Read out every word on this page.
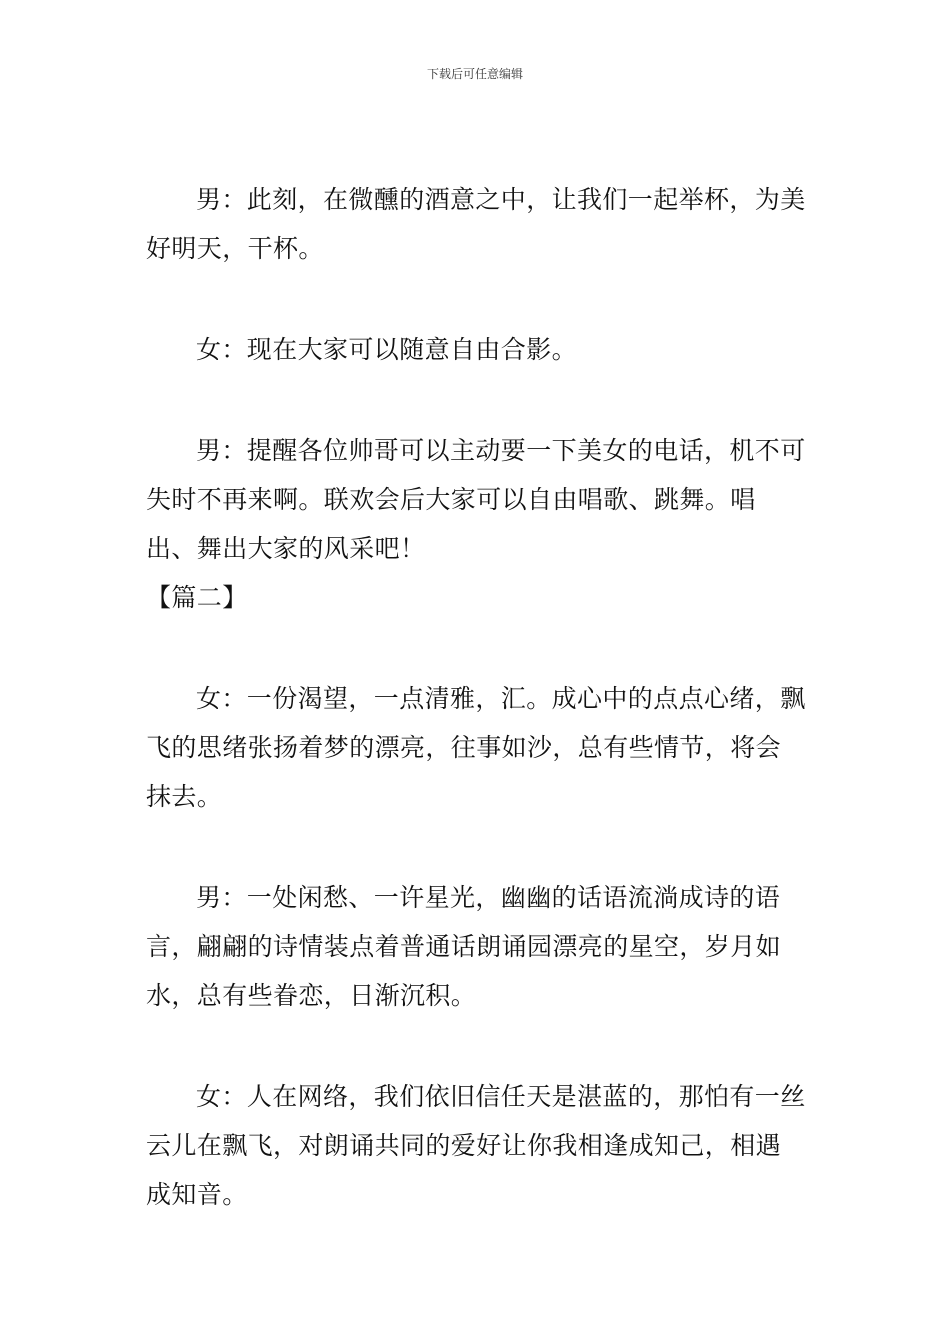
下载后可任意编辑

男：此刻，在微醺的酒意之中，让我们一起举杯，为美好明天，干杯。

女：现在大家可以随意自由合影。

男：提醒各位帅哥可以主动要一下美女的电话，机不可失时不再来啊。联欢会后大家可以自由唱歌、跳舞。唱出、舞出大家的风采吧！

【篇二】

女：一份渴望，一点清雅，汇。成心中的点点心绪，飘飞的思绪张扬着梦的漂亮，往事如沙，总有些情节，将会抹去。

男：一处闲愁、一许星光，幽幽的话语流淌成诗的语言，翩翩的诗情装点着普通话朗诵园漂亮的星空，岁月如水，总有些眷恋，日渐沉积。

女：人在网络，我们依旧信任天是湛蓝的，那怕有一丝云儿在飘飞，对朗诵共同的爱好让你我相逢成知己，相遇成知音。
